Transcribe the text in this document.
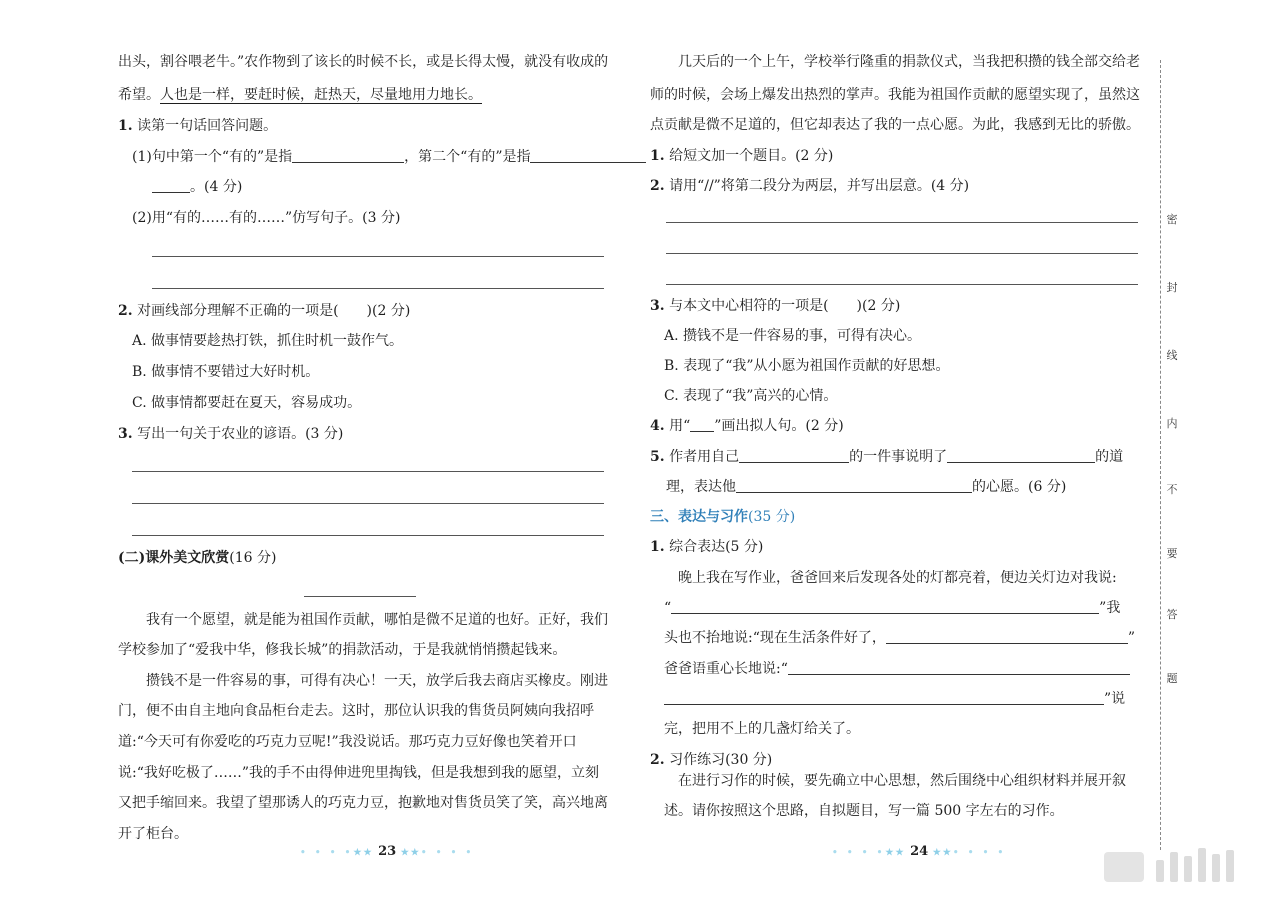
出头，割谷喂老牛。”农作物到了该长的时候不长，或是长得太慢，就没有收成的
希望。人也是一样，要赶时候，赶热天，尽量地用力地长。
1. 读第一句话回答问题。
(1)句中第一个“有的”是指	，第二个“有的”是指
。(4 分)
(2)用“有的……有的……”仿写句子。(3 分)
2. 对画线部分理解不正确的一项是(　　)(2 分)
A. 做事情要趁热打铁，抓住时机一鼓作气。
B. 做事情不要错过大好时机。
C. 做事情都要赶在夏天，容易成功。
3. 写出一句关于农业的谚语。(3 分)
(二)课外美文欣赏(16 分)
我有一个愿望，就是能为祖国作贡献，哪怕是微不足道的也好。正好，我们
学校参加了“爱我中华，修我长城”的捐款活动，于是我就悄悄攒起钱来。
攒钱不是一件容易的事，可得有决心！一天，放学后我去商店买橡皮。刚进
门，便不由自主地向食品柜台走去。这时，那位认识我的售货员阿姨向我招呼
道:“今天可有你爱吃的巧克力豆呢!”我没说话。那巧克力豆好像也笑着开口
说:“我好吃极了……”我的手不由得伸进兜里掏钱，但是我想到我的愿望，立刻
又把手缩回来。我望了望那诱人的巧克力豆，抱歉地对售货员笑了笑，高兴地离
开了柜台。
• • • •★★ 23 ★★• • • •
几天后的一个上午，学校举行隆重的捐款仪式，当我把积攒的钱全部交给老
师的时候，会场上爆发出热烈的掌声。我能为祖国作贡献的愿望实现了，虽然这
点贡献是微不足道的，但它却表达了我的一点心愿。为此，我感到无比的骄傲。
1. 给短文加一个题目。(2 分)
2. 请用“//”将第二段分为两层，并写出层意。(4 分)
3. 与本文中心相符的一项是(　　)(2 分)
A. 攒钱不是一件容易的事，可得有决心。
B. 表现了“我”从小愿为祖国作贡献的好思想。
C. 表现了“我”高兴的心情。
4. 用“ ”画出拟人句。(2 分)
5. 作者用自己	的一件事说明了	的道
理，表达他	的心愿。(6 分)
三、表达与习作(35 分)
1. 综合表达(5 分)
晚上我在写作业，爸爸回来后发现各处的灯都亮着，便边关灯边对我说:
“	”我
头也不抬地说:“现在生活条件好了，	”
爸爸语重心长地说:“
”说
完，把用不上的几盏灯给关了。
2. 习作练习(30 分)
在进行习作的时候，要先确立中心思想，然后围绕中心组织材料并展开叙
述。请你按照这个思路，自拟题目，写一篇 500 字左右的习作。
• • • •★★ 24 ★★• • • •
密
封
线
内
不
要
答
题
